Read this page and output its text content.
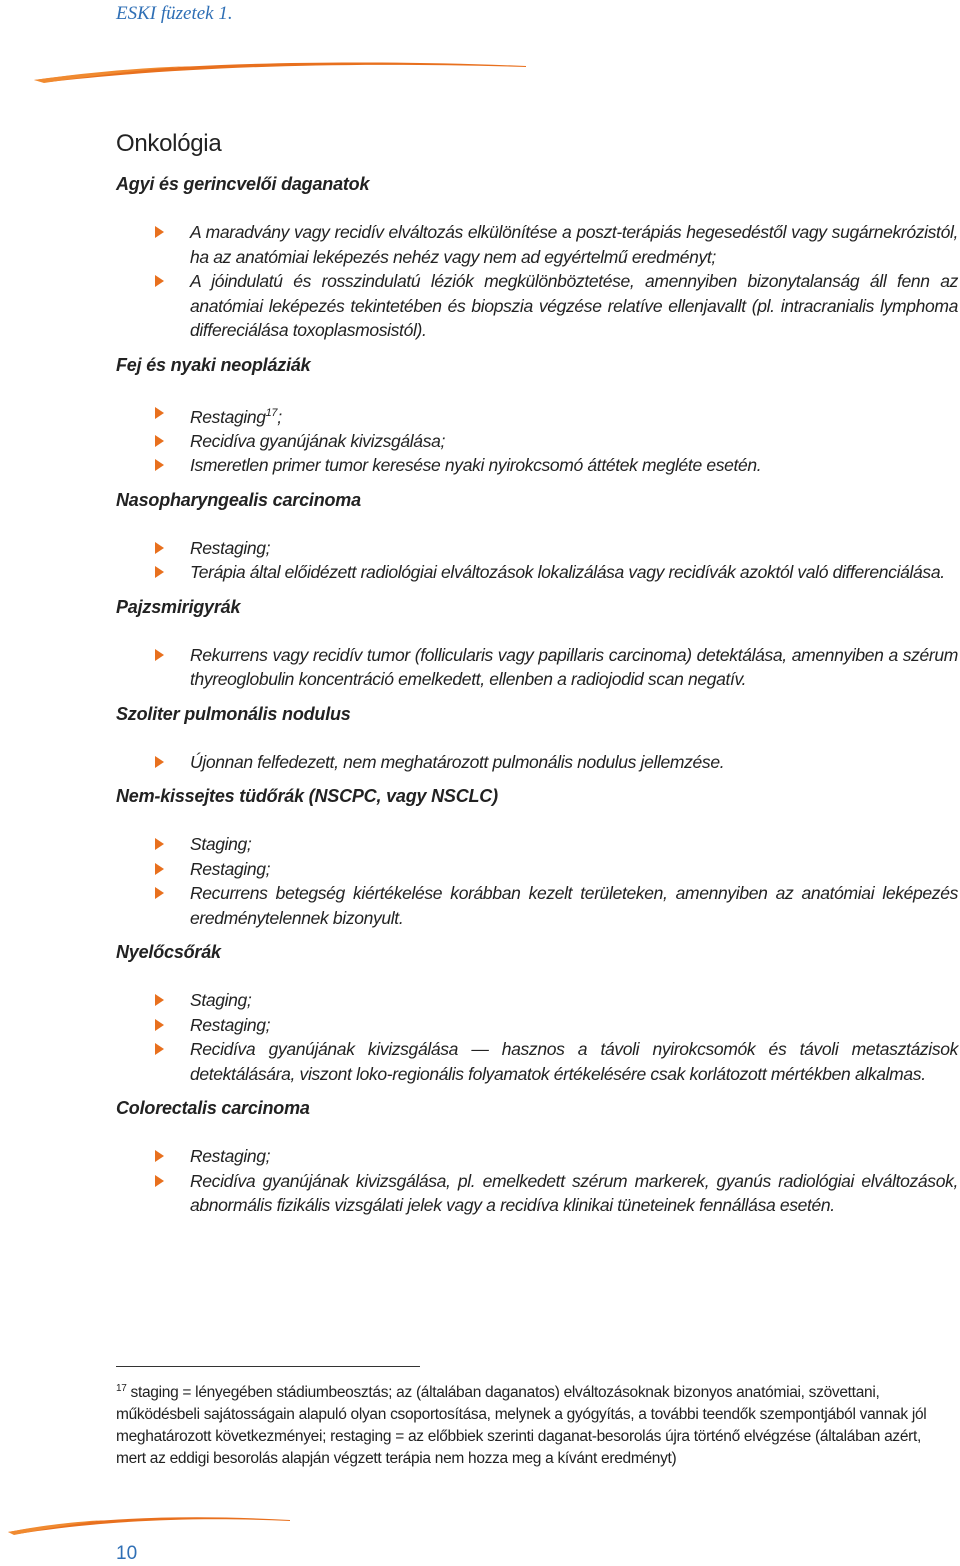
ESKI füzetek 1.
Onkológia
Agyi és gerincvelői daganatok
A maradvány vagy recidív elváltozás elkülönítése a poszt-terápiás hegesedéstől vagy sugárnekrózistól, ha az anatómiai leképezés nehéz vagy nem ad egyértelmű eredményt;
A jóindulatú és rosszindulatú léziók megkülönböztetése, amennyiben bizonytalanság áll fenn az anatómiai leképezés tekintetében és biopszia végzése relatíve ellenjavallt (pl. intracranialis lymphoma differeciálása toxoplasmosistól).
Fej és nyaki neopláziák
Restaging$^{17}$;
Recidíva gyanújának kivizsgálása;
Ismeretlen primer tumor keresése nyaki nyirokcsomó áttétek megléte esetén.
Nasopharyngealis carcinoma
Restaging;
Terápia által előidézett radiológiai elváltozások lokalizálása vagy recidívák azoktól való differenciálása.
Pajzsmirigyrák
Rekurrens vagy recidív tumor (follicularis vagy papillaris carcinoma) detektálása, amennyiben a szérum thyreoglobulin koncentráció emelkedett, ellenben a radiojodid scan negatív.
Szoliter pulmonális nodulus
Újonnan felfedezett, nem meghatározott pulmonális nodulus jellemzése.
Nem-kissejtes tüdőrák (NSCPC, vagy NSCLC)
Staging;
Restaging;
Recurrens betegség kiértékelése korábban kezelt területeken, amennyiben az anatómiai leképezés eredménytelennek bizonyult.
Nyelőcsőrák
Staging;
Restaging;
Recidíva gyanújának kivizsgálása — hasznos a távoli nyirokcsomók és távoli metasztázisok detektálására, viszont loko-regionális folyamatok értékelésére csak korlátozott mértékben alkalmas.
Colorectalis carcinoma
Restaging;
Recidíva gyanújának kivizsgálása, pl. emelkedett szérum markerek, gyanús radiológiai elváltozások, abnormális fizikális vizsgálati jelek vagy a recidíva klinikai tüneteinek fennállása esetén.
$^{17}$ staging = lényegében stádiumbeosztás; az (általában daganatos) elváltozásoknak bizonyos anatómiai, szövettani, működésbeli sajátosságain alapuló olyan csoportosítása, melynek a gyógyítás, a további teendők szempontjából vannak jól meghatározott következményei; restaging = az előbbiek szerinti daganat-besorolás újra történő elvégzése (általában azért, mert az eddigi besorolás alapján végzett terápia nem hozza meg a kívánt eredményt)
10
